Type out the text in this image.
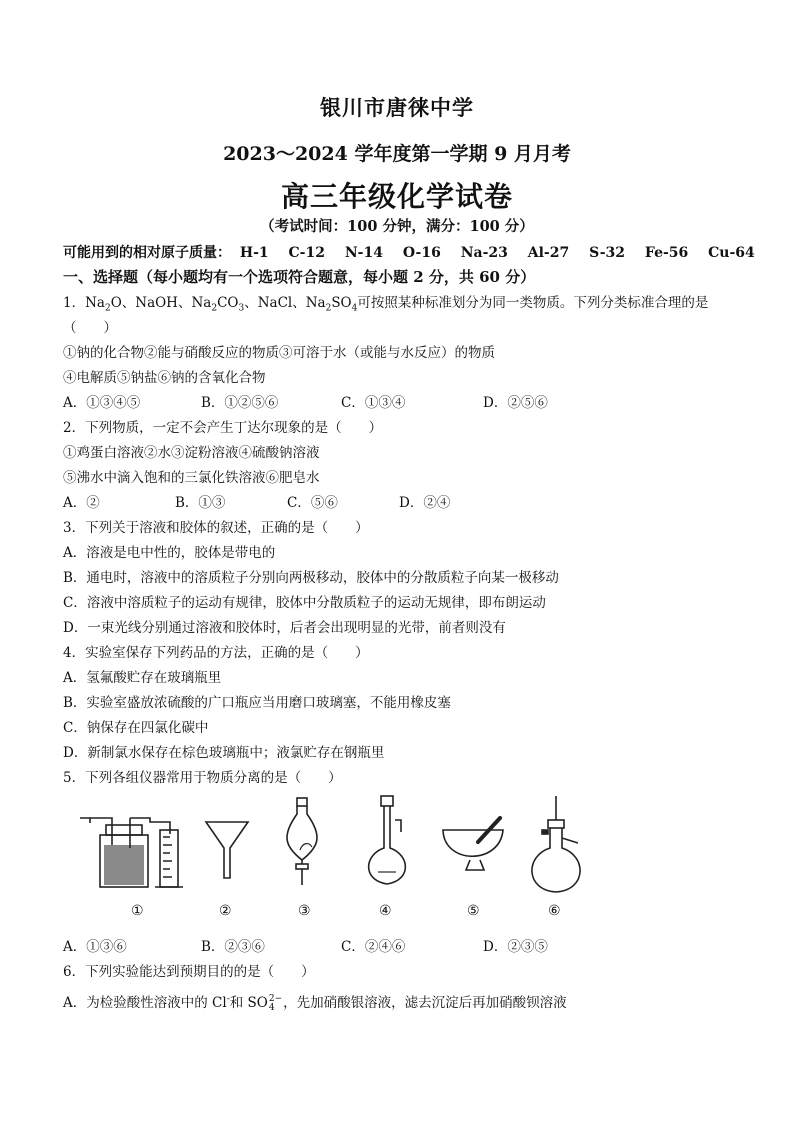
银川市唐徕中学
2023～2024 学年度第一学期 9 月月考
高三年级化学试卷
（考试时间：100 分钟，满分：100 分）
可能用到的相对原子质量： H-1 C-12 N-14 O-16 Na-23 Al-27 S-32 Fe-56 Cu-64
一、选择题（每小题均有一个选项符合题意，每小题 2 分，共 60 分）
1．$Na_2O$、NaOH、$Na_2CO_3$、NaCl、$Na_2SO_4$可按照某种标准划分为同一类物质。下列分类标准合理的是
（　　）
①钠的化合物②能与硝酸反应的物质③可溶于水（或能与水反应）的物质
④电解质⑤钠盐⑥钠的含氧化合物
A．①③④⑤	B．①②⑤⑥	C．①③④	D．②⑤⑥
2．下列物质，一定不会产生丁达尔现象的是（　　）
①鸡蛋白溶液②水③淀粉溶液④硫酸钠溶液
⑤沸水中滴入饱和的三氯化铁溶液⑥肥皂水
A．②	B．①③	C．⑤⑥	D．②④
3．下列关于溶液和胶体的叙述，正确的是（　　）
A．溶液是电中性的，胶体是带电的
B．通电时，溶液中的溶质粒子分别向两极移动，胶体中的分散质粒子向某一极移动
C．溶液中溶质粒子的运动有规律，胶体中分散质粒子的运动无规律，即布朗运动
D．一束光线分别通过溶液和胶体时，后者会出现明显的光带，前者则没有
4．实验室保存下列药品的方法，正确的是（　　）
A．氢氟酸贮存在玻璃瓶里
B．实验室盛放浓硫酸的广口瓶应当用磨口玻璃塞，不能用橡皮塞
C．钠保存在四氯化碳中
D．新制氯水保存在棕色玻璃瓶中；液氯贮存在钢瓶里
5．下列各组仪器常用于物质分离的是（　　）
①	②	③	④	⑤	⑥
A．①③⑥	B．②③⑥	C．②④⑥	D．②③⑤
6．下列实验能达到预期目的的是（　　）
A．为检验酸性溶液中的 Cl-和 SO 2−
4 ，先加硝酸银溶液，滤去沉淀后再加硝酸钡溶液
